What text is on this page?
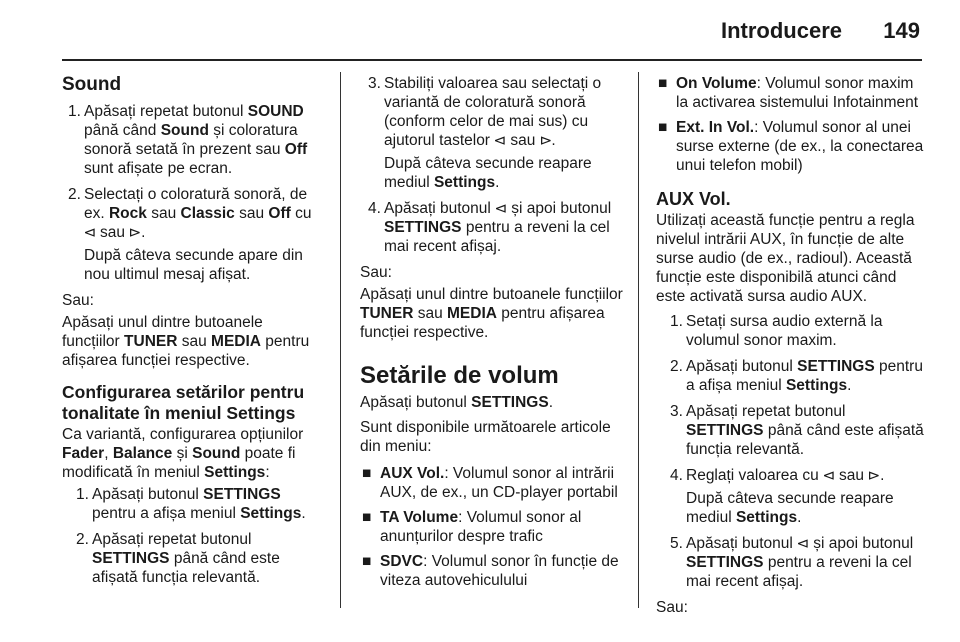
Introducere 149
Sound
1. Apăsați repetat butonul SOUND până când Sound și coloratura sonoră setată în prezent sau Off sunt afișate pe ecran.
2. Selectați o coloratură sonoră, de ex. Rock sau Classic sau Off cu
⊲ sau ⊳.

După câteva secunde apare din nou ultimul mesaj afișat.

Sau:

Apăsați unul dintre butoanele funcțiilor TUNER sau MEDIA pentru afișarea funcției respective.

Configurarea setărilor pentru tonalitate în meniul Settings

Ca variantă, configurarea opțiunilor Fader, Balance și Sound poate fi modificată în meniul Settings:

1. Apăsați butonul SETTINGS pentru a afișa meniul Settings.
2. Apăsați repetat butonul SETTINGS până când este afișată funcția relevantă.
3. Stabiliți valoarea sau selectați o variantă de coloratură sonoră (conform celor de mai sus) cu ajutorul tastelor ⊲ sau ⊳.

După câteva secunde reapare mediul Settings.

4. Apăsați butonul ⊲ și apoi butonul SETTINGS pentru a reveni la cel mai recent afișaj.

Sau:

Apăsați unul dintre butoanele funcțiilor TUNER sau MEDIA pentru afișarea funcției respective.

Setările de volum

Apăsați butonul SETTINGS.

Sunt disponibile următoarele articole din meniu:

■ AUX Vol.: Volumul sonor al intrării AUX, de ex., un CD-player portabil
■ TA Volume: Volumul sonor al anunțurilor despre trafic
■ SDVC: Volumul sonor în funcție de viteza autovehiculului
■ On Volume: Volumul sonor maxim la activarea sistemului Infotainment
■ Ext. In Vol.: Volumul sonor al unei surse externe (de ex., la conectarea unui telefon mobil)
AUX Vol.

Utilizați această funcție pentru a regla nivelul intrării AUX, în funcție de alte surse audio (de ex., radioul). Această funcție este disponibilă atunci când este activată sursa audio AUX.

1. Setați sursa audio externă la volumul sonor maxim.
2. Apăsați butonul SETTINGS pentru a afișa meniul Settings.
3. Apăsați repetat butonul SETTINGS până când este afișată funcția relevantă.
4. Reglați valoarea cu ⊲ sau ⊳.

După câteva secunde reapare mediul Settings.

5. Apăsați butonul ⊲ și apoi butonul SETTINGS pentru a reveni la cel mai recent afișaj.

Sau:
